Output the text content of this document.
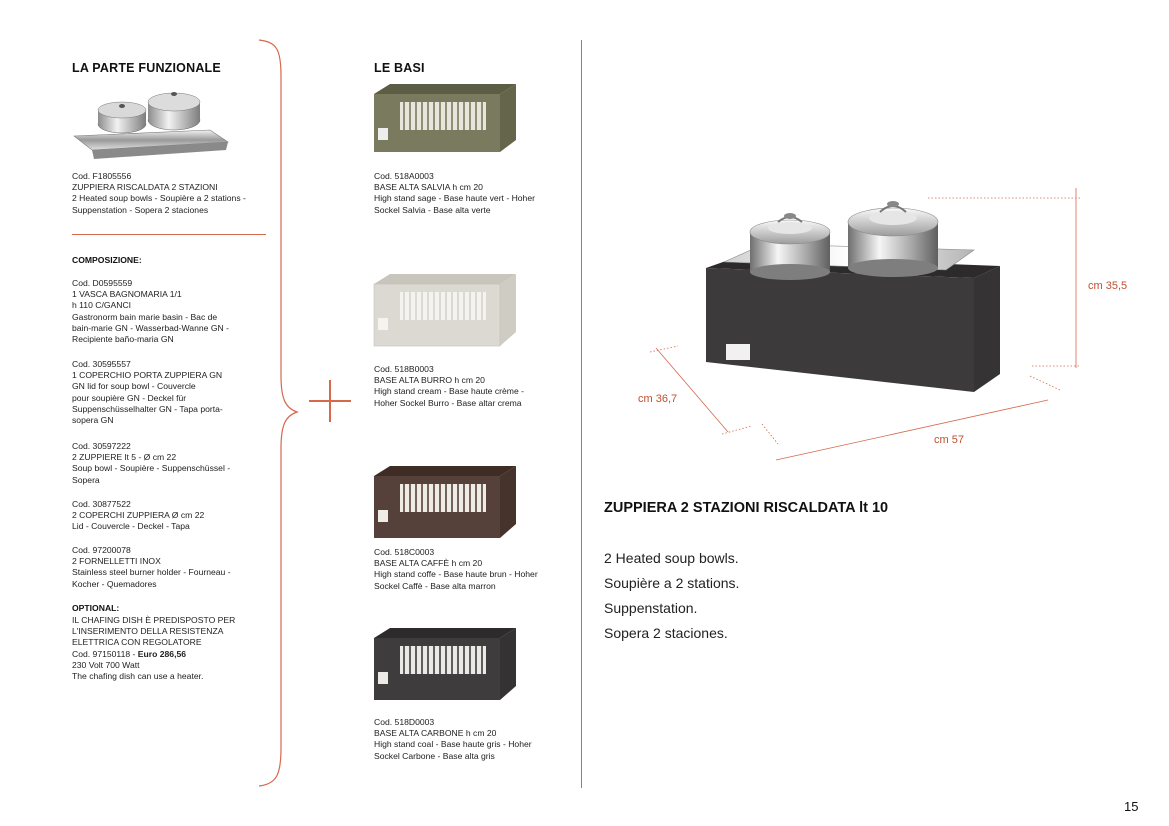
LA PARTE FUNZIONALE
Cod. F1805556
ZUPPIERA RISCALDATA 2 STAZIONI
2 Heated soup bowls - Soupière a 2 stations -
Suppenstation - Sopera 2 staciones
COMPOSIZIONE:
Cod. D0595559
1 VASCA BAGNOMARIA 1/1
h 110 C/GANCI
Gastronorm bain marie basin - Bac de
bain-marie GN - Wasserbad-Wanne GN -
Recipiente baño-maria GN
Cod. 30595557
1 COPERCHIO PORTA ZUPPIERA GN
GN lid for soup bowl - Couvercle
pour soupière GN - Deckel für
Suppenschüsselhalter GN - Tapa porta-
sopera GN
Cod. 30597222
2 ZUPPIERE lt 5 - Ø cm 22
Soup bowl - Soupière - Suppenschüssel -
Sopera
Cod. 30877522
2 COPERCHI ZUPPIERA Ø cm 22
Lid - Couvercle - Deckel - Tapa
Cod. 97200078
2 FORNELLETTI INOX
Stainless steel burner holder - Fourneau -
Kocher - Quemadores
OPTIONAL:
IL CHAFING DISH È PREDISPOSTO PER
L'INSERIMENTO DELLA RESISTENZA
ELETTRICA CON REGOLATORE
Cod. 97150118 - Euro 286,56
230 Volt 700 Watt
The chafing dish can use a heater.
LE BASI
Cod. 518A0003
BASE ALTA SALVIA h cm 20
High stand sage - Base haute vert - Hoher
Sockel Salvia - Base alta verte
Cod. 518B0003
BASE ALTA BURRO h cm 20
High stand cream - Base haute crème -
Hoher Sockel Burro - Base altar crema
Cod. 518C0003
BASE ALTA CAFFÈ h cm 20
High stand coffe - Base haute brun - Hoher
Sockel Caffè - Base alta marron
Cod. 518D0003
BASE ALTA CARBONE h cm 20
High stand coal - Base haute gris - Hoher
Sockel Carbone - Base alta gris
cm 35,5
cm 36,7
cm 57
ZUPPIERA 2 STAZIONI RISCALDATA lt 10
2 Heated soup bowls.
Soupière a 2 stations.
Suppenstation.
Sopera 2 staciones.
15
